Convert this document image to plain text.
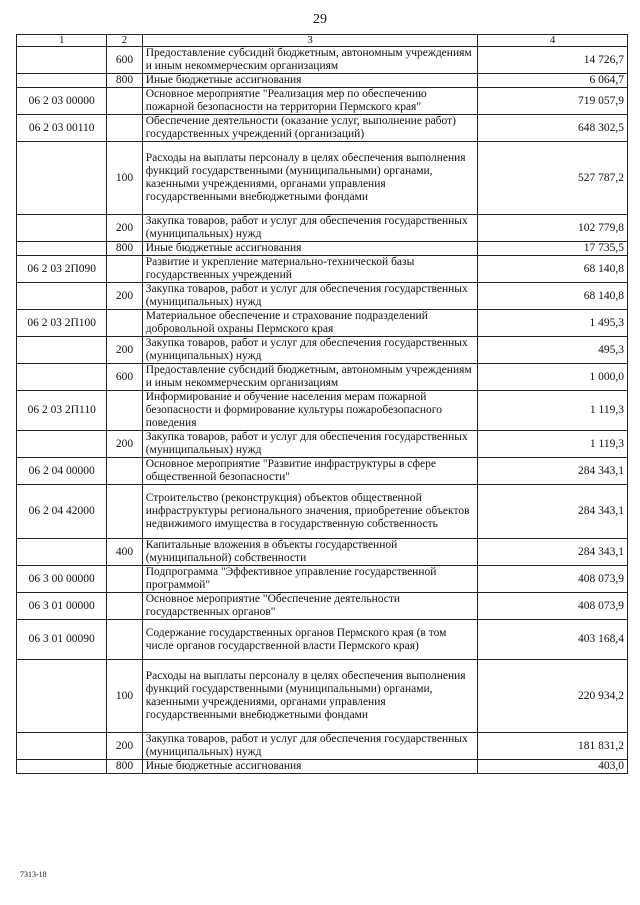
29
1	2	3	4
	600	Предоставление субсидий бюджетным, автономным учреждениям и иным некоммерческим организациям	14 726,7
	800	Иные бюджетные ассигнования	6 064,7
06 2 03 00000		Основное мероприятие "Реализация мер по обеспечению пожарной безопасности на территории Пермского края"	719 057,9
06 2 03 00110		Обеспечение деятельности (оказание услуг, выполнение работ) государственных учреждений (организаций)	648 302,5
	100	Расходы на выплаты персоналу в целях обеспечения выполнения функций государственными (муниципальными) органами, казенными учреждениями, органами управления государственными внебюджетными фондами	527 787,2
	200	Закупка товаров, работ и услуг для обеспечения государственных (муниципальных) нужд	102 779,8
	800	Иные бюджетные ассигнования	17 735,5
06 2 03 2П090		Развитие и укрепление материально-технической базы государственных учреждений	68 140,8
	200	Закупка товаров, работ и услуг для обеспечения государственных (муниципальных) нужд	68 140,8
06 2 03 2П100		Материальное обеспечение и страхование подразделений добровольной охраны Пермского края	1 495,3
	200	Закупка товаров, работ и услуг для обеспечения государственных (муниципальных) нужд	495,3
	600	Предоставление субсидий бюджетным, автономным учреждениям и иным некоммерческим организациям	1 000,0
06 2 03 2П110		Информирование и обучение населения мерам пожарной безопасности и формирование культуры пожаробезопасного поведения	1 119,3
	200	Закупка товаров, работ и услуг для обеспечения государственных (муниципальных) нужд	1 119,3
06 2 04 00000		Основное мероприятие "Развитие инфраструктуры в сфере общественной безопасности"	284 343,1
06 2 04 42000		Строительство (реконструкция) объектов общественной инфраструктуры регионального значения, приобретение объектов недвижимого имущества в государственную собственность	284 343,1
	400	Капитальные вложения в объекты государственной (муниципальной) собственности	284 343,1
06 3 00 00000		Подпрограмма "Эффективное управление государственной программой"	408 073,9
06 3 01 00000		Основное мероприятие "Обеспечение деятельности государственных органов"	408 073,9
06 3 01 00090		Содержание государственных органов Пермского края (в том числе органов государственной власти Пермского края)	403 168,4
	100	Расходы на выплаты персоналу в целях обеспечения выполнения функций государственными (муниципальными) органами, казенными учреждениями, органами управления государственными внебюджетными фондами	220 934,2
	200	Закупка товаров, работ и услуг для обеспечения государственных (муниципальных) нужд	181 831,2
	800	Иные бюджетные ассигнования	403,0
7313-18
